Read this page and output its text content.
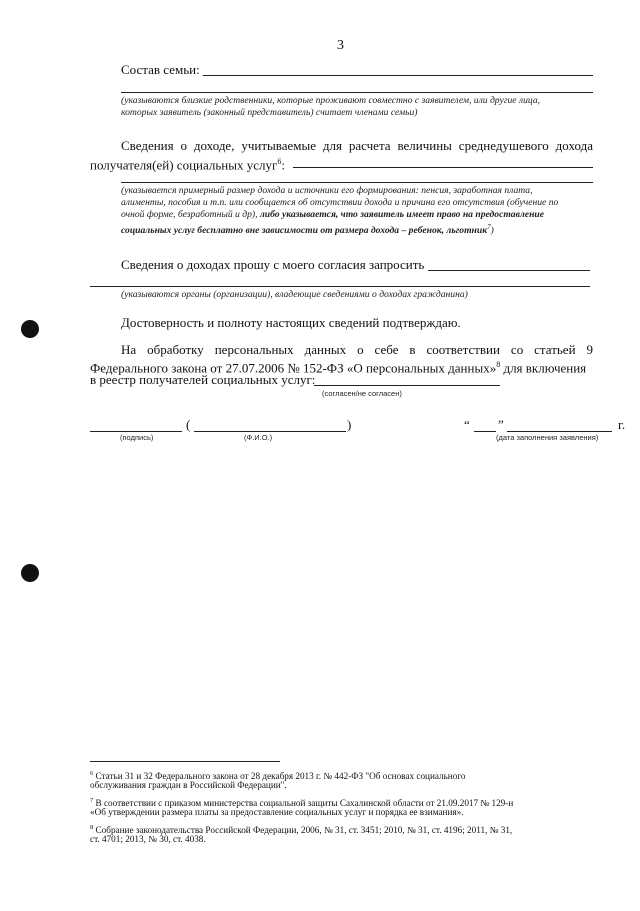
3
Состав семьи:
(указываются близкие родственники, которые проживают совместно с заявителем, или другие лица,
которых заявитель (законный представитель) считает членами семьи)
Сведения о доходе, учитываемые для расчета величины среднедушевого дохода
получателя(ей) социальных услуг$^6$:
(указывается примерный размер дохода и источники его формирования: пенсия, заработная плата,
алименты, пособия и т.п. или сообщается об отсутствии дохода и причина его отсутствия (обучение по
очной форме, безработный и др), либо указывается, что заявитель имеет право на предоставление
социальных услуг бесплатно вне зависимости от размера дохода – ребенок, льготник$^7$)
Сведения о доходах прошу с моего согласия запросить
(указываются органы (организации), владеющие сведениями о доходах гражданина)
Достоверность и полноту настоящих сведений подтверждаю.
На обработку персональных данных о себе в соответствии со статьей 9
Федерального закона от 27.07.2006 № 152-ФЗ «О персональных данных»$^8$ для включения
в реестр получателей социальных услуг:
(согласен/не согласен)
(	)	“ ”	г.
(подпись)	(Ф.И.О.)	(дата заполнения заявления)
$^6$ Статьи 31 и 32 Федерального закона от 28 декабря 2013 г. № 442-ФЗ "Об основах социального
обслуживания граждан в Российской Федерации".
$^7$ В соответствии с приказом министерства социальной защиты Сахалинской области от 21.09.2017 № 129-н
«Об утверждении размера платы за предоставление социальных услуг и порядка ее взимания».
$^8$ Собрание законодательства Российской Федерации, 2006, № 31, ст. 3451; 2010, № 31, ст. 4196; 2011, № 31,
ст. 4701; 2013, № 30, ст. 4038.
